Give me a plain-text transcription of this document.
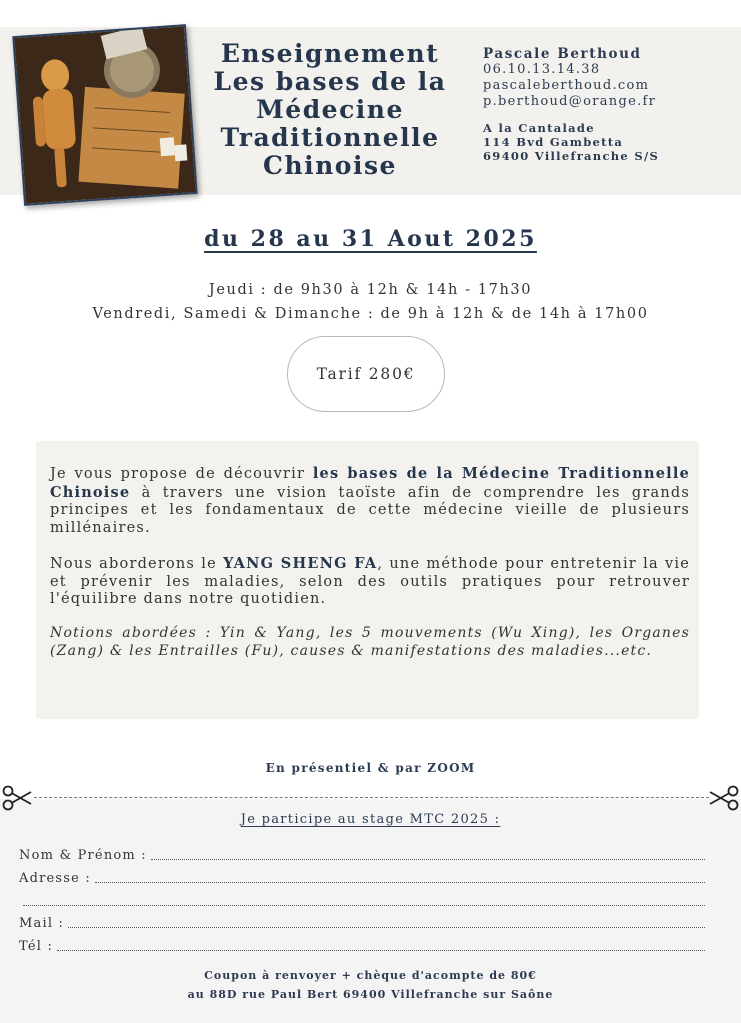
Enseignement
Les bases de la
Médecine
Traditionnelle
Chinoise
Pascale Berthoud
06.10.13.14.38
pascaleberthoud.com
p.berthoud@orange.fr
A la Cantalade
114 Bvd Gambetta
69400 Villefranche S/S
du 28 au 31 Aout 2025
Jeudi : de 9h30 à 12h & 14h - 17h30
Vendredi, Samedi & Dimanche : de 9h à 12h & de 14h à 17h00
Tarif 280€

Je vous propose de découvrir les bases de la Médecine Traditionnelle Chinoise à travers une vision taoïste afin de comprendre les grands principes et les fondamentaux de cette médecine vieille de plusieurs millénaires.

Nous aborderons le YANG SHENG FA, une méthode pour entretenir la vie et prévenir les maladies, selon des outils pratiques pour retrouver l'équilibre dans notre quotidien.

Notions abordées : Yin & Yang, les 5 mouvements (Wu Xing), les Organes (Zang) & les Entrailles (Fu), causes & manifestations des maladies...etc.

En présentiel & par ZOOM
Je participe au stage MTC 2025 :
Nom & Prénom :
Adresse :
Mail :
Tél :
Coupon à renvoyer + chèque d'acompte de 80€
au 88D rue Paul Bert 69400 Villefranche sur Saône
